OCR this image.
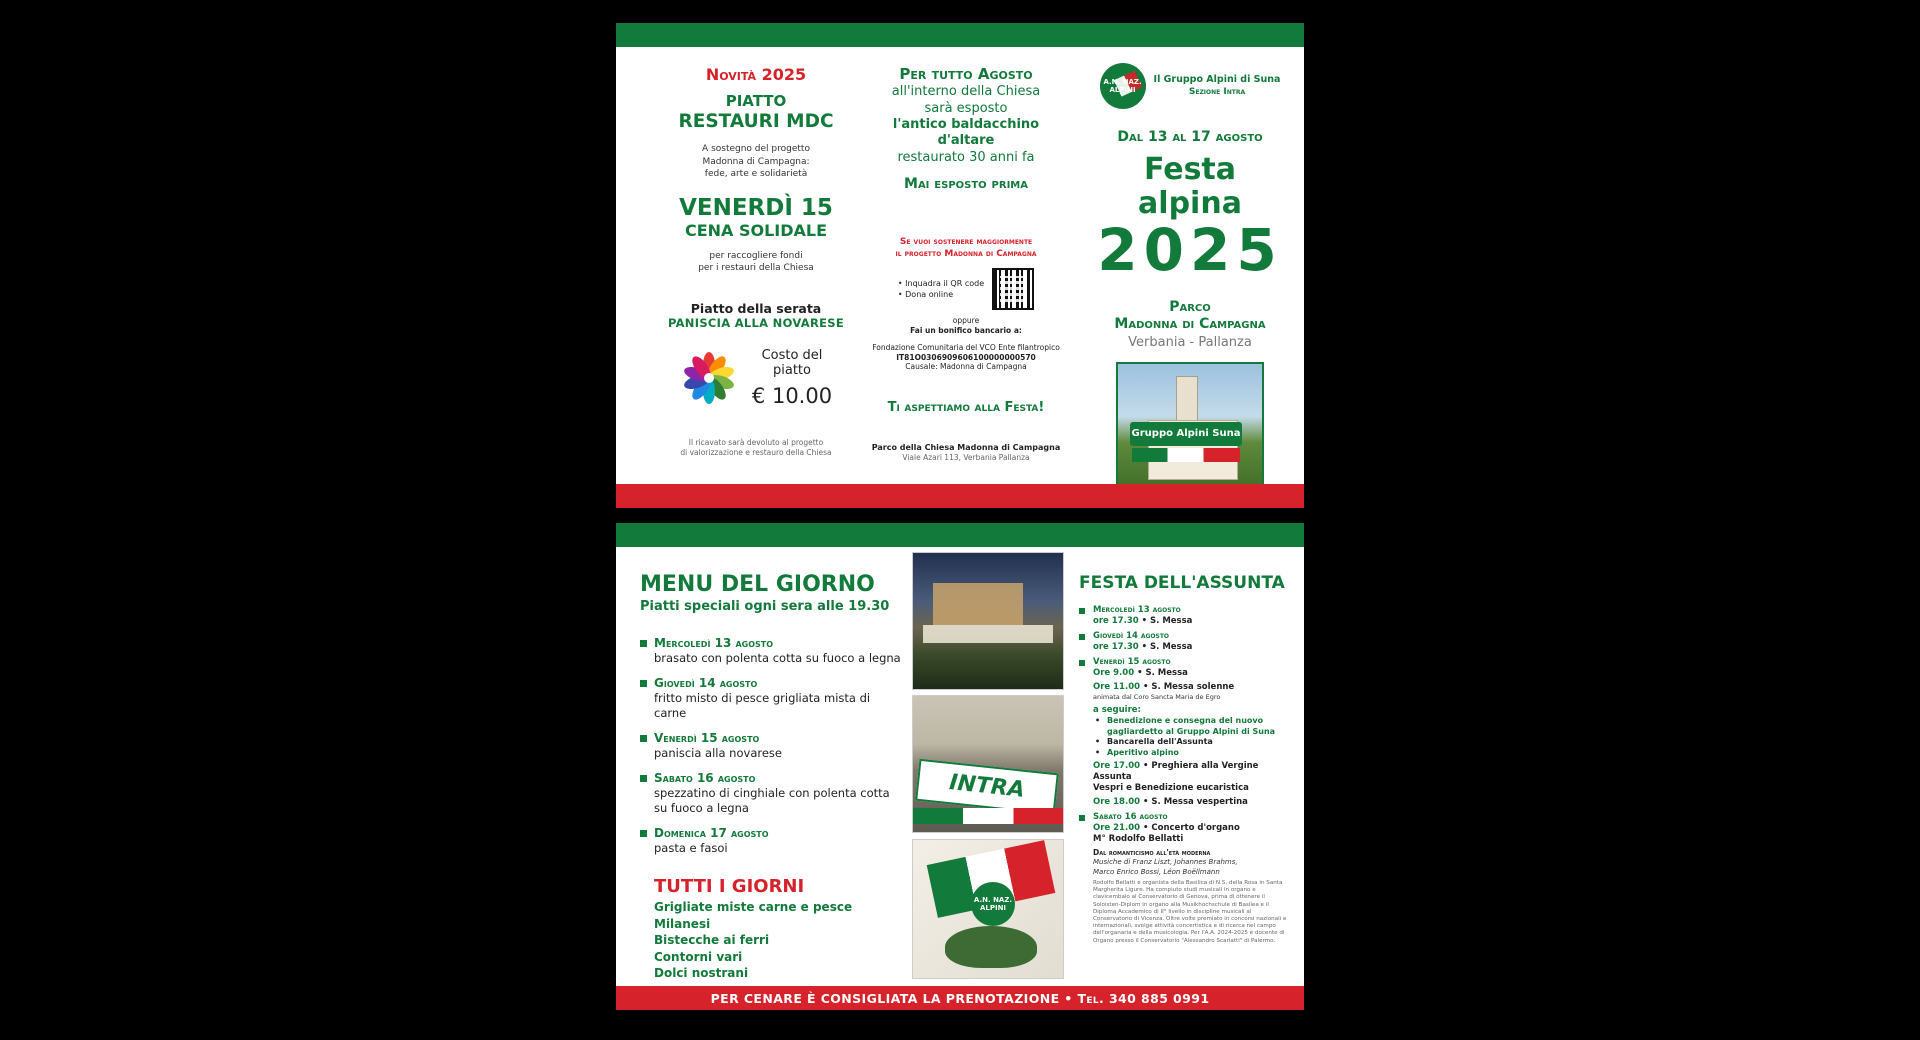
Novità 2025
PIATTO
RESTAURI MDC
A sostegno del progetto
Madonna di Campagna:
fede, arte e solidarietà
VENERDÌ 15
CENA SOLIDALE
per raccogliere fondi
per i restauri della Chiesa
Piatto della serata
PANISCIA ALLA NOVARESE
Costo del
piatto
€ 10.00
Il ricavato sarà devoluto al progetto
di valorizzazione e restauro della Chiesa
Per tutto Agosto
all'interno della Chiesa
sarà esposto
l'antico baldacchino
d'altare
restaurato 30 anni fa
Mai esposto prima
Se vuoi sostenere maggiormente
il progetto Madonna di Campagna
• Inquadra il QR code
• Dona online
oppure
Fai un bonifico bancario a:
Fondazione Comunitaria del VCO Ente filantropico
IT81O0306909606100000000570
Causale: Madonna di Campagna
Ti aspettiamo alla Festa!
Parco della Chiesa Madonna di Campagna
Viale Azari 113, Verbania Pallanza
A.N. NAZ. ALPINI
Il Gruppo Alpini di Suna
Sezione Intra
Dal 13 al 17 agosto
Festa alpina
2025
Parco
Madonna di Campagna
Verbania - Pallanza
Gruppo Alpini Suna
MENU DEL GIORNO
Piatti speciali ogni sera alle 19.30
Mercoledì 13 agosto
brasato con polenta cotta su fuoco a legna
Giovedì 14 agosto
fritto misto di pesce grigliata mista di carne
Venerdì 15 agosto
paniscia alla novarese
Sabato 16 agosto
spezzatino di cinghiale con polenta cotta su fuoco a legna
Domenica 17 agosto
pasta e fasoi
TUTTI I GIORNI
Grigliate miste carne e pesce
Milanesi
Bistecche ai ferri
Contorni vari
Dolci nostrani
INTRA
A.N. NAZ. ALPINI
FESTA DELL'ASSUNTA
Mercoledì 13 agosto
ore 17.30 • S. Messa
Giovedì 14 agosto
ore 17.30 • S. Messa
Venerdì 15 agosto
Ore 9.00 • S. Messa
Ore 11.00 • S. Messa solenne
animata dal Coro Sancta Maria de Egro
a seguire:
• Benedizione e consegna del nuovo gagliardetto al Gruppo Alpini di Suna
• Bancarella dell'Assunta
• Aperitivo alpino
Ore 17.00 • Preghiera alla Vergine Assunta
Vespri e Benedizione eucaristica
Ore 18.00 • S. Messa vespertina
Sabato 16 agosto
Ore 21.00 • Concerto d'organo
M° Rodolfo Bellatti
Dal romanticismo all'età moderna
Musiche di Franz Liszt, Johannes Brahms,
Marco Enrico Bossi, Léon Boëllmann
Rodolfo Bellatti è organista della Basilica di N.S. della Rosa in Santa Margherita Ligure. Ha compiuto studi musicali in organo e clavicembalo al Conservatorio di Genova, prima di ottenere il Soloisten-Diplom in organo alla Musikhochschule di Basilea e il Diploma Accademico di II° livello in discipline musicali al Conservatorio di Vicenza. Oltre volte premiato in concorsi nazionali e internazionali, svolge attività concertistica e di ricerca nel campo dell'organaria e della musicologia. Per l'A.A. 2024-2025 è docente di Organo presso il Conservatorio "Alessandro Scarlatti" di Palermo.
PER CENARE È CONSIGLIATA LA PRENOTAZIONE • Tel. 340 885 0991
